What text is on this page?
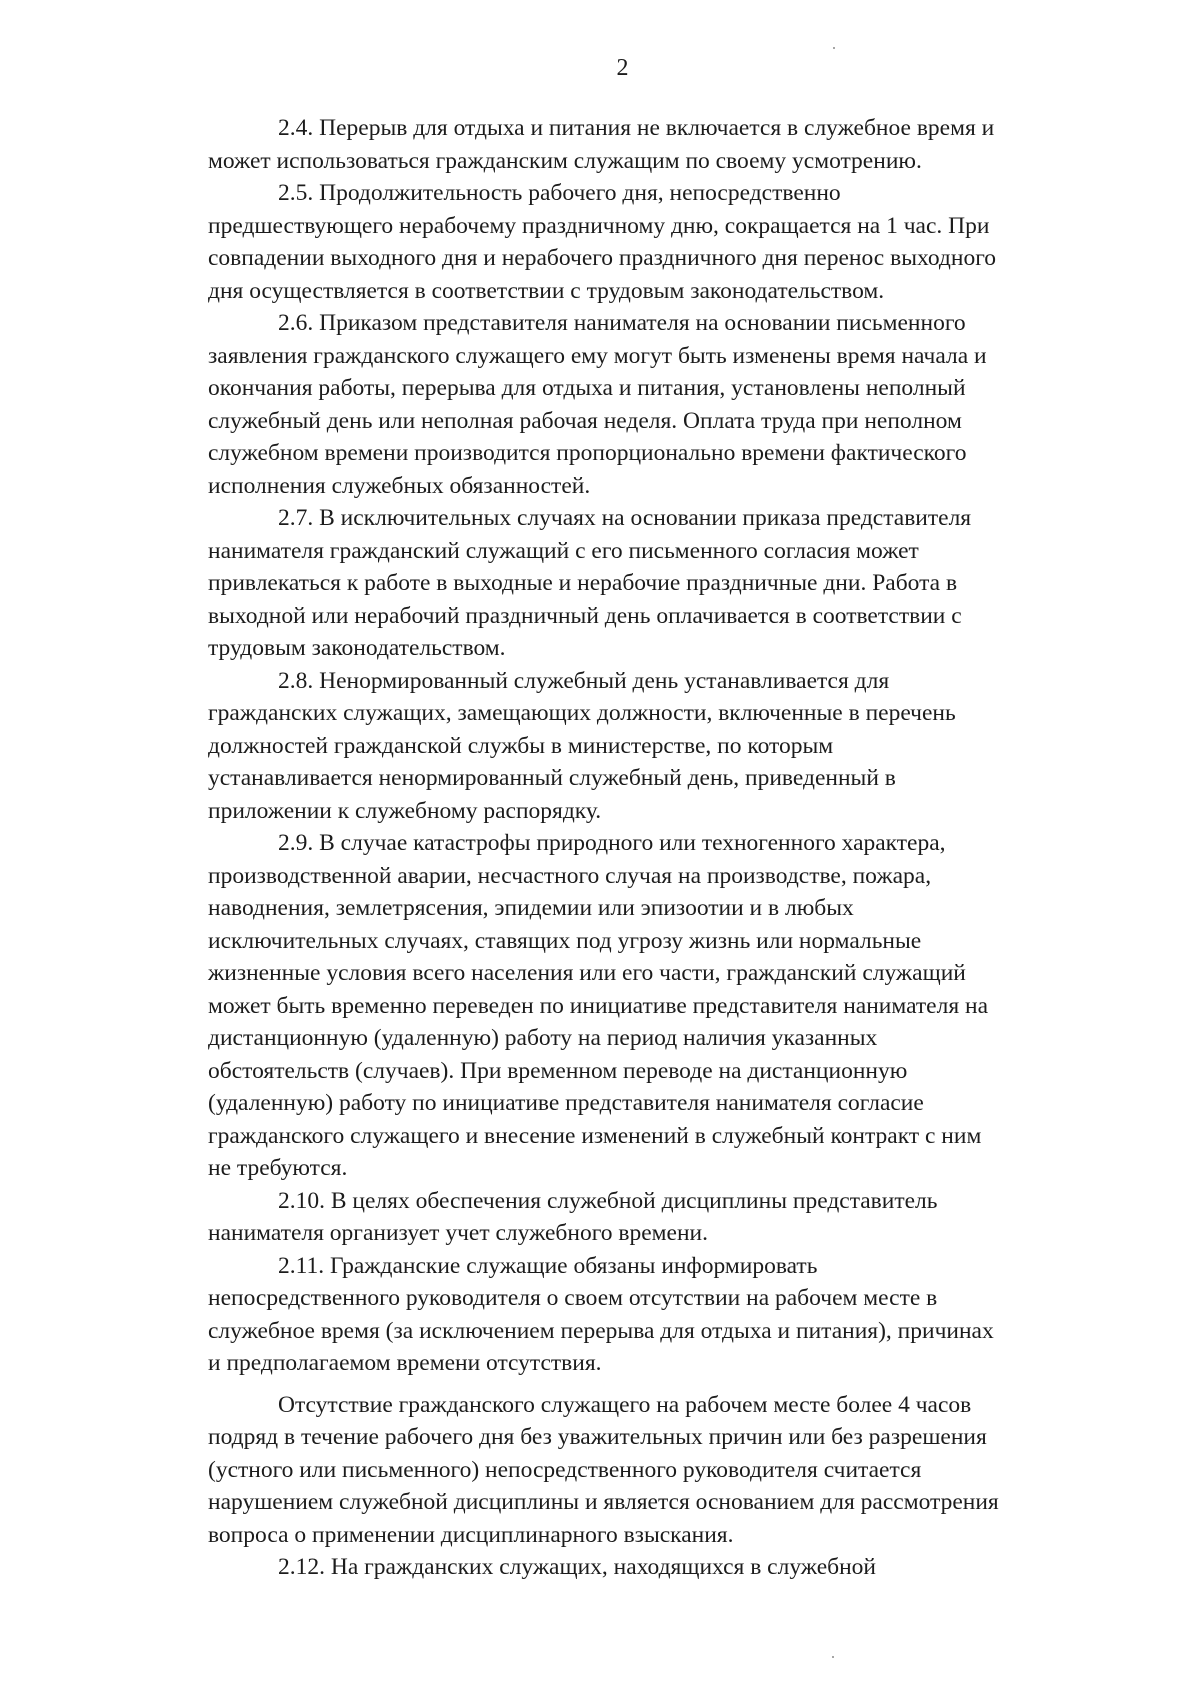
2

2.4. Перерыв для отдыха и питания не включается в служебное время и
может использоваться гражданским служащим по своему усмотрению.

2.5. Продолжительность рабочего дня, непосредственно
предшествующего нерабочему праздничному дню, сокращается на 1 час. При
совпадении выходного дня и нерабочего праздничного дня перенос выходного
дня осуществляется в соответствии с трудовым законодательством.

2.6. Приказом представителя нанимателя на основании письменного
заявления гражданского служащего ему могут быть изменены время начала и
окончания работы, перерыва для отдыха и питания, установлены неполный
служебный день или неполная рабочая неделя. Оплата труда при неполном
служебном времени производится пропорционально времени фактического
исполнения служебных обязанностей.

2.7. В исключительных случаях на основании приказа представителя
нанимателя гражданский служащий с его письменного согласия может
привлекаться к работе в выходные и нерабочие праздничные дни. Работа в
выходной или нерабочий праздничный день оплачивается в соответствии с
трудовым законодательством.

2.8. Ненормированный служебный день устанавливается для
гражданских служащих, замещающих должности, включенные в перечень
должностей гражданской службы в министерстве, по которым
устанавливается ненормированный служебный день, приведенный в
приложении к служебному распорядку.

2.9. В случае катастрофы природного или техногенного характера,
производственной аварии, несчастного случая на производстве, пожара,
наводнения, землетрясения, эпидемии или эпизоотии и в любых
исключительных случаях, ставящих под угрозу жизнь или нормальные
жизненные условия всего населения или его части, гражданский служащий
может быть временно переведен по инициативе представителя нанимателя на
дистанционную (удаленную) работу на период наличия указанных
обстоятельств (случаев). При временном переводе на дистанционную
(удаленную) работу по инициативе представителя нанимателя согласие
гражданского служащего и внесение изменений в служебный контракт с ним
не требуются.

2.10. В целях обеспечения служебной дисциплины представитель
нанимателя организует учет служебного времени.

2.11. Гражданские служащие обязаны информировать
непосредственного руководителя о своем отсутствии на рабочем месте в
служебное время (за исключением перерыва для отдыха и питания), причинах
и предполагаемом времени отсутствия.

Отсутствие гражданского служащего на рабочем месте более 4 часов
подряд в течение рабочего дня без уважительных причин или без разрешения
(устного или письменного) непосредственного руководителя считается
нарушением служебной дисциплины и является основанием для рассмотрения
вопроса о применении дисциплинарного взыскания.

2.12. На гражданских служащих, находящихся в служебной
